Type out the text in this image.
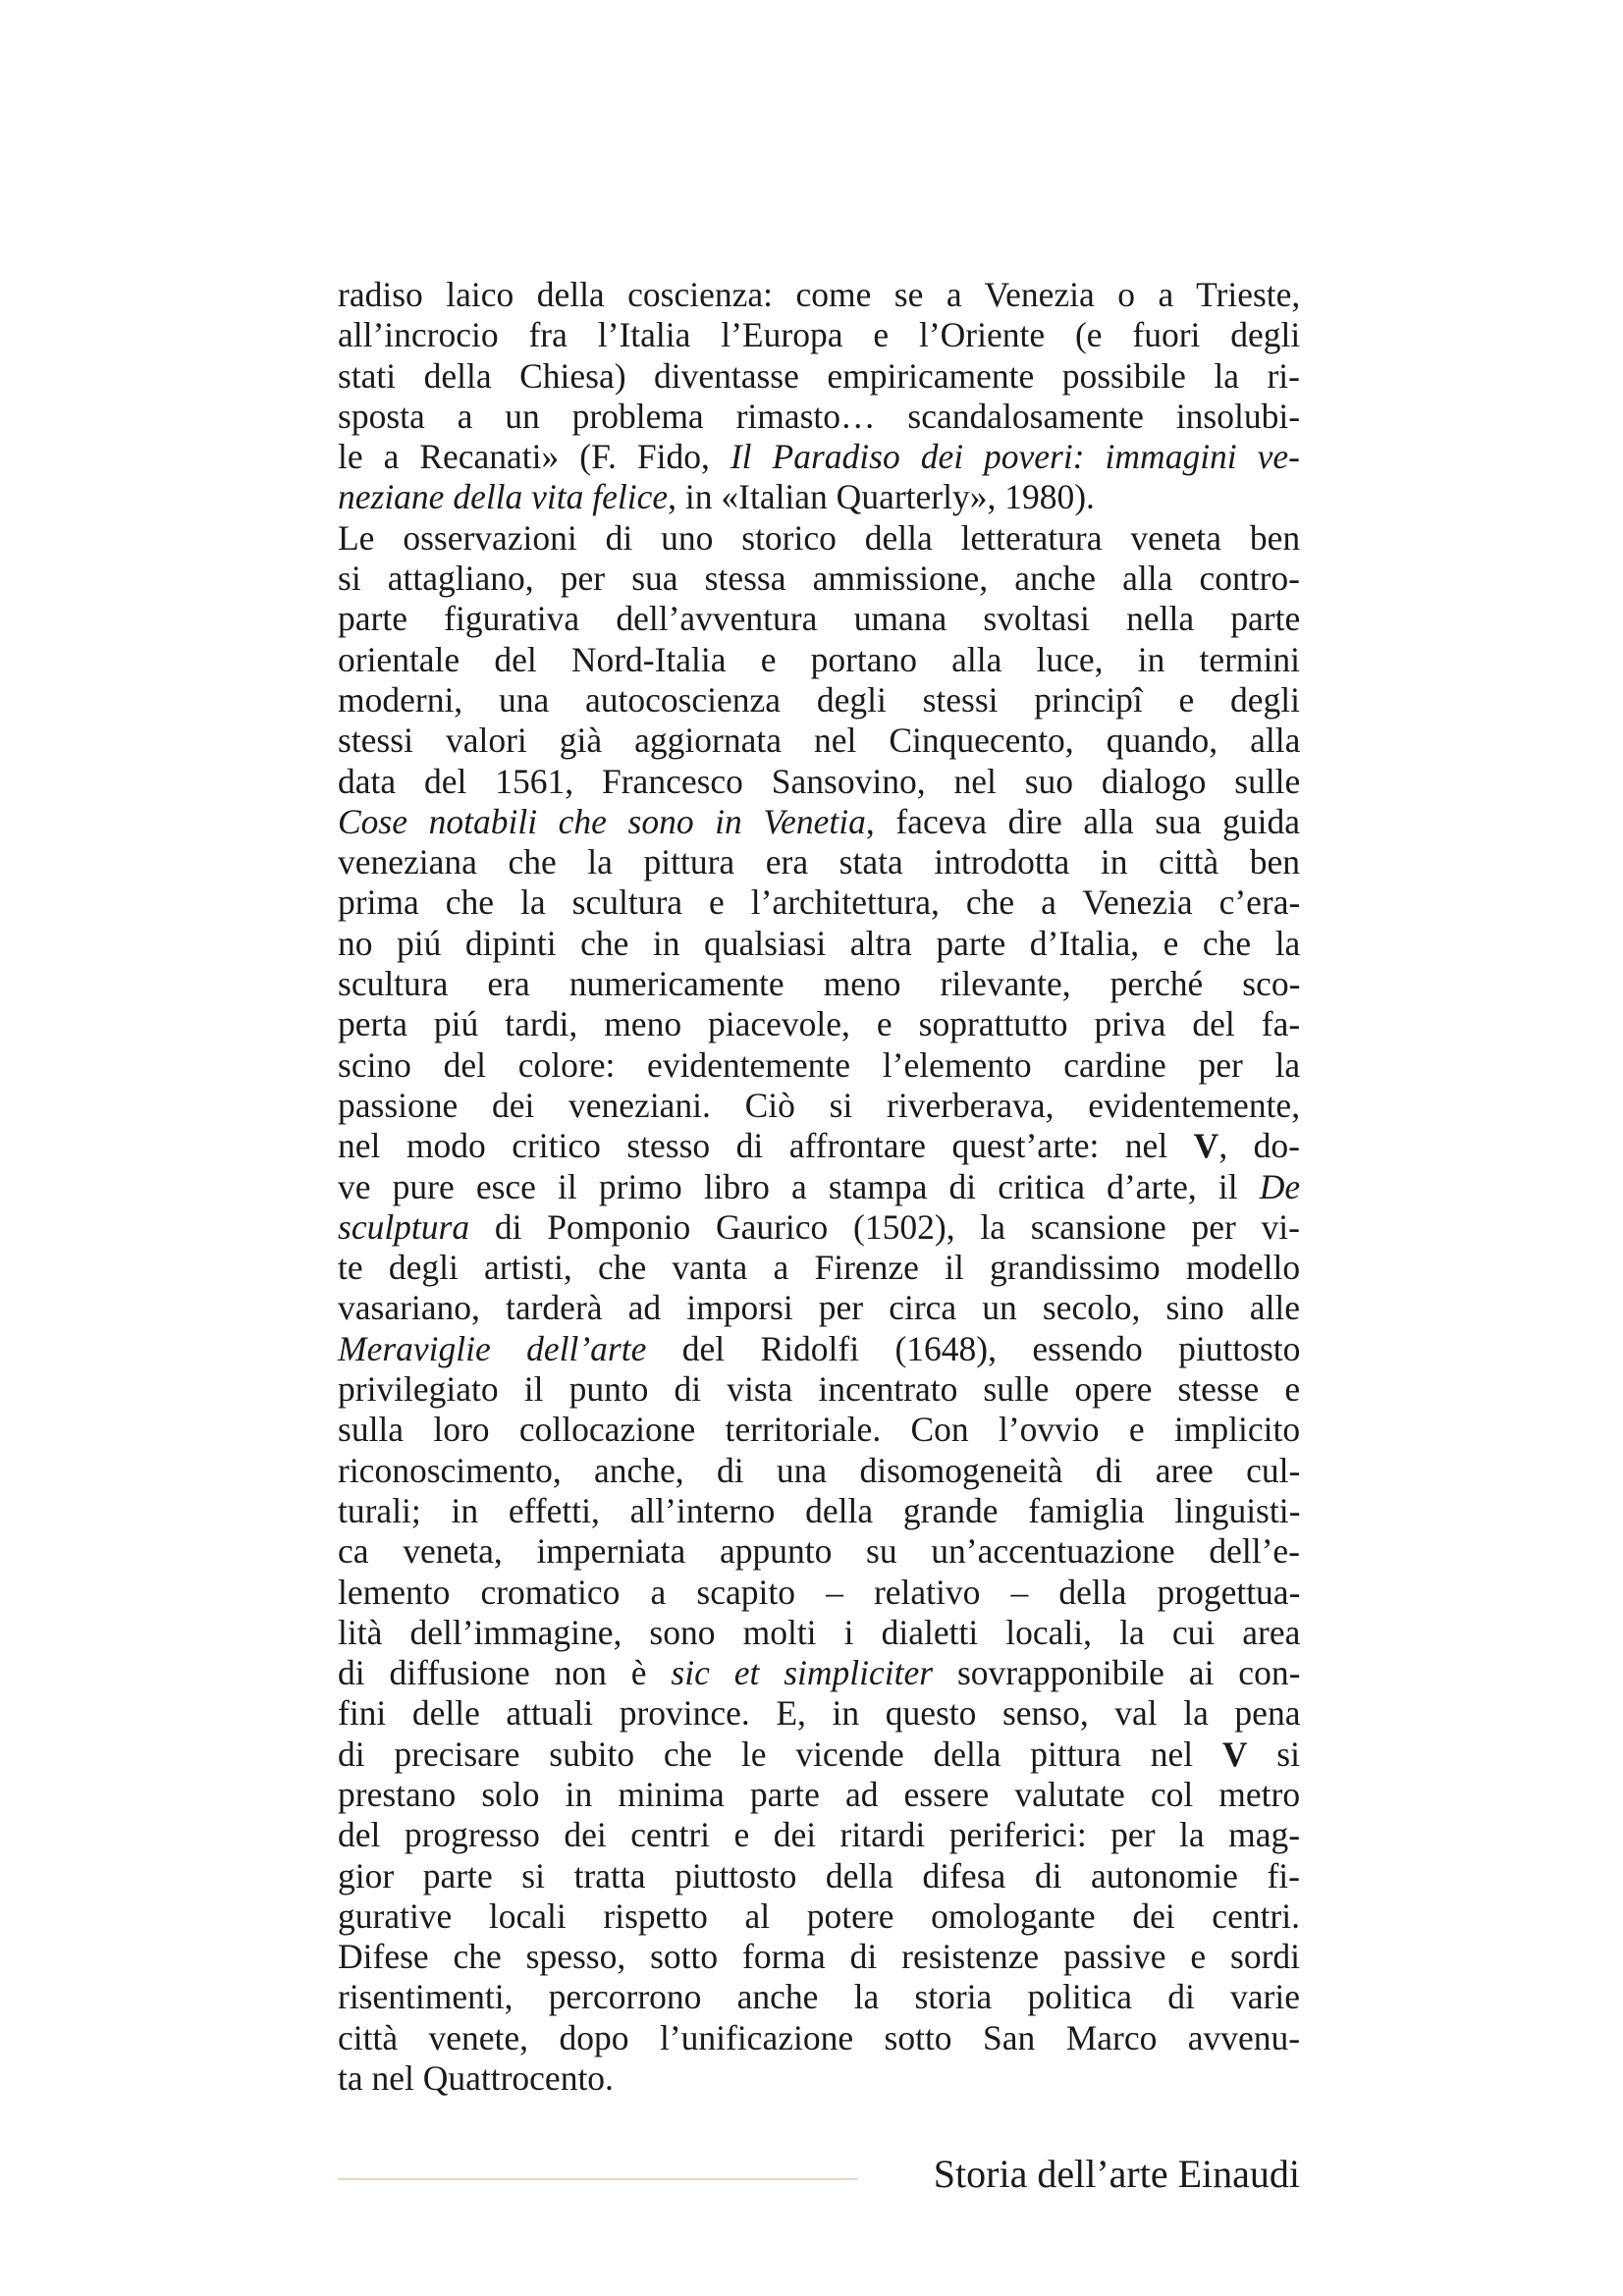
radiso laico della coscienza: come se a Venezia o a Trieste,
all’incrocio fra l’Italia l’Europa e l’Oriente (e fuori degli
stati della Chiesa) diventasse empiricamente possibile la ri-
sposta a un problema rimasto… scandalosamente insolubi-
le a Recanati» (F. Fido, Il Paradiso dei poveri: immagini ve-
neziane della vita felice, in «Italian Quarterly», 1980).
Le osservazioni di uno storico della letteratura veneta ben
si attagliano, per sua stessa ammissione, anche alla contro-
parte figurativa dell’avventura umana svoltasi nella parte
orientale del Nord-Italia e portano alla luce, in termini
moderni, una autocoscienza degli stessi principî e degli
stessi valori già aggiornata nel Cinquecento, quando, alla
data del 1561, Francesco Sansovino, nel suo dialogo sulle
Cose notabili che sono in Venetia, faceva dire alla sua guida
veneziana che la pittura era stata introdotta in città ben
prima che la scultura e l’architettura, che a Venezia c’era-
no piú dipinti che in qualsiasi altra parte d’Italia, e che la
scultura era numericamente meno rilevante, perché sco-
perta piú tardi, meno piacevole, e soprattutto priva del fa-
scino del colore: evidentemente l’elemento cardine per la
passione dei veneziani. Ciò si riverberava, evidentemente,
nel modo critico stesso di affrontare quest’arte: nel V, do-
ve pure esce il primo libro a stampa di critica d’arte, il De
sculptura di Pomponio Gaurico (1502), la scansione per vi-
te degli artisti, che vanta a Firenze il grandissimo modello
vasariano, tarderà ad imporsi per circa un secolo, sino alle
Meraviglie dell’arte del Ridolfi (1648), essendo piuttosto
privilegiato il punto di vista incentrato sulle opere stesse e
sulla loro collocazione territoriale. Con l’ovvio e implicito
riconoscimento, anche, di una disomogeneità di aree cul-
turali; in effetti, all’interno della grande famiglia linguisti-
ca veneta, imperniata appunto su un’accentuazione dell’e-
lemento cromatico a scapito – relativo – della progettua-
lità dell’immagine, sono molti i dialetti locali, la cui area
di diffusione non è sic et simpliciter sovrapponibile ai con-
fini delle attuali province. E, in questo senso, val la pena
di precisare subito che le vicende della pittura nel V si
prestano solo in minima parte ad essere valutate col metro
del progresso dei centri e dei ritardi periferici: per la mag-
gior parte si tratta piuttosto della difesa di autonomie fi-
gurative locali rispetto al potere omologante dei centri.
Difese che spesso, sotto forma di resistenze passive e sordi
risentimenti, percorrono anche la storia politica di varie
città venete, dopo l’unificazione sotto San Marco avvenu-
ta nel Quattrocento.
Storia dell’arte Einaudi
